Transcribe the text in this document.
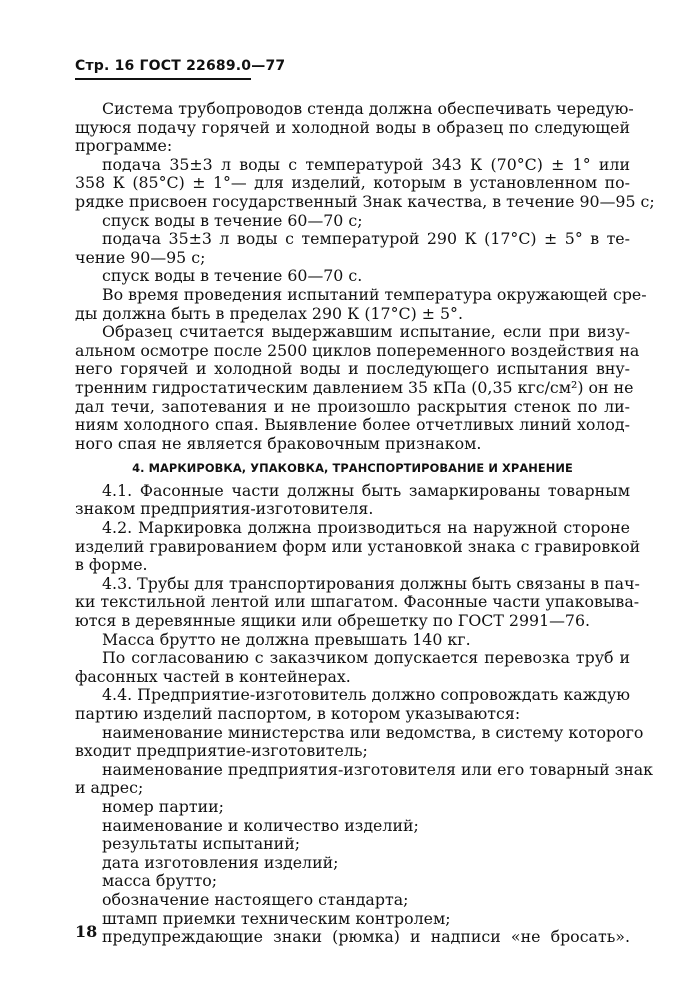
Стр. 16 ГОСТ 22689.0—77
Система трубопроводов стенда должна обеспечивать чередую-
щуюся подачу горячей и холодной воды в образец по следующей
программе:
подача 35±3 л воды с температурой 343 К (70°С) ± 1° или
358 К (85°С) ± 1°— для изделий, которым в установленном по-
рядке присвоен государственный Знак качества, в течение 90—95 с;
спуск воды в течение 60—70 с;
подача 35±3 л воды с температурой 290 К (17°С) ± 5° в те-
чение 90—95 с;
спуск воды в течение 60—70 с.
Во время проведения испытаний температура окружающей сре-
ды должна быть в пределах 290 К (17°С) ± 5°.
Образец считается выдержавшим испытание, если при визу-
альном осмотре после 2500 циклов попеременного воздействия на
него горячей и холодной воды и последующего испытания вну-
тренним гидростатическим давлением 35 кПа (0,35 кгс/см²) он не
дал течи, запотевания и не произошло раскрытия стенок по ли-
ниям холодного спая. Выявление более отчетливых линий холод-
ного спая не является браковочным признаком.
4. МАРКИРОВКА, УПАКОВКА, ТРАНСПОРТИРОВАНИЕ И ХРАНЕНИЕ
4.1. Фасонные части должны быть замаркированы товарным
знаком предприятия-изготовителя.
4.2. Маркировка должна производиться на наружной стороне
изделий гравированием форм или установкой знака с гравировкой
в форме.
4.3. Трубы для транспортирования должны быть связаны в пач-
ки текстильной лентой или шпагатом. Фасонные части упаковыва-
ются в деревянные ящики или обрешетку по ГОСТ 2991—76.
Масса брутто не должна превышать 140 кг.
По согласованию с заказчиком допускается перевозка труб и
фасонных частей в контейнерах.
4.4. Предприятие-изготовитель должно сопровождать каждую
партию изделий паспортом, в котором указываются:
наименование министерства или ведомства, в систему которого
входит предприятие-изготовитель;
наименование предприятия-изготовителя или его товарный знак
и адрес;
номер партии;
наименование и количество изделий;
результаты испытаний;
дата изготовления изделий;
масса брутто;
обозначение настоящего стандарта;
штамп приемки техническим контролем;
предупреждающие знаки (рюмка) и надписи «не бросать».
18
